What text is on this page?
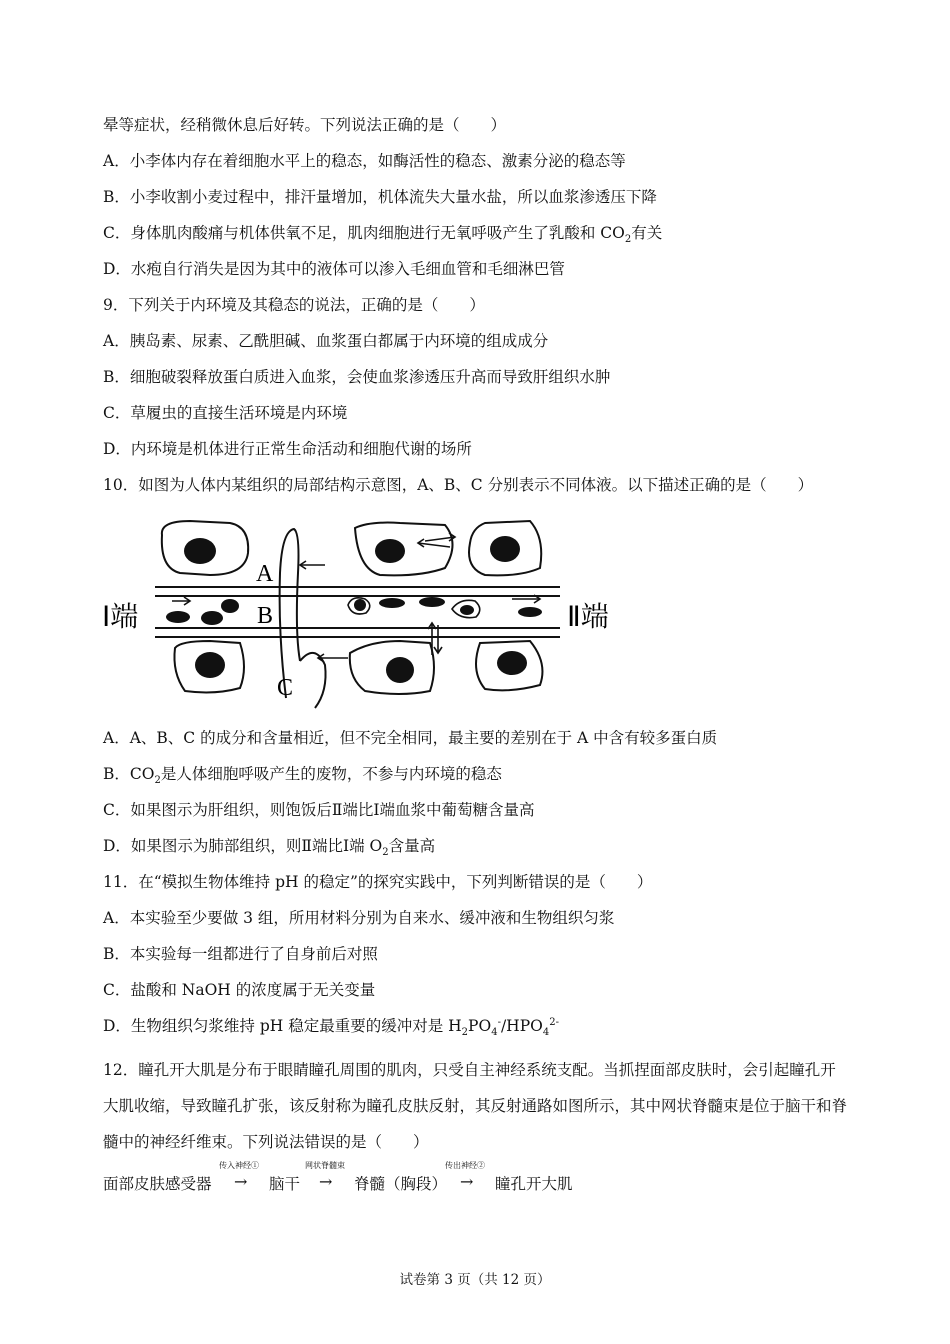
晕等症状，经稍微休息后好转。下列说法正确的是（　　）
A．小李体内存在着细胞水平上的稳态，如酶活性的稳态、激素分泌的稳态等
B．小李收割小麦过程中，排汗量增加，机体流失大量水盐，所以血浆渗透压下降
C．身体肌肉酸痛与机体供氧不足，肌肉细胞进行无氧呼吸产生了乳酸和 $CO_2$有关
D．水疱自行消失是因为其中的液体可以渗入毛细血管和毛细淋巴管
9．下列关于内环境及其稳态的说法，正确的是（　　）
A．胰岛素、尿素、乙酰胆碱、血浆蛋白都属于内环境的组成成分
B．细胞破裂释放蛋白质进入血浆，会使血浆渗透压升高而导致肝组织水肿
C．草履虫的直接生活环境是内环境
D．内环境是机体进行正常生命活动和细胞代谢的场所
10．如图为人体内某组织的局部结构示意图，A、B、C 分别表示不同体液。以下描述正确的是（　　）
A
B
C
Ⅰ端	Ⅱ端
A．A、B、C 的成分和含量相近，但不完全相同，最主要的差别在于 A 中含有较多蛋白质
B．$CO_2$是人体细胞呼吸产生的废物，不参与内环境的稳态
C．如果图示为肝组织，则饱饭后Ⅱ端比Ⅰ端血浆中葡萄糖含量高
D．如果图示为肺部组织，则Ⅱ端比Ⅰ端 $O_2$含量高
11．在“模拟生物体维持 pH 的稳定”的探究实践中，下列判断错误的是（　　）
A．本实验至少要做 3 组，所用材料分别为自来水、缓冲液和生物组织匀浆
B．本实验每一组都进行了自身前后对照
C．盐酸和 NaOH 的浓度属于无关变量
D．生物组织匀浆维持 pH 稳定最重要的缓冲对是 $H_2PO_4^-/HPO_4^{2-}$
12．瞳孔开大肌是分布于眼睛瞳孔周围的肌肉，只受自主神经系统支配。当抓捏面部皮肤时，会引起瞳孔开大肌收缩，导致瞳孔扩张，该反射称为瞳孔皮肤反射，其反射通路如图所示，其中网状脊髓束是位于脑干和脊髓中的神经纤维束。下列说法错误的是（　　）
面部皮肤感受器
传入神经①
→ 脑干
网状脊髓束
→ 脊髓（胸段）
传出神经②
→ 瞳孔开大肌
试卷第 3 页（共 12 页）
